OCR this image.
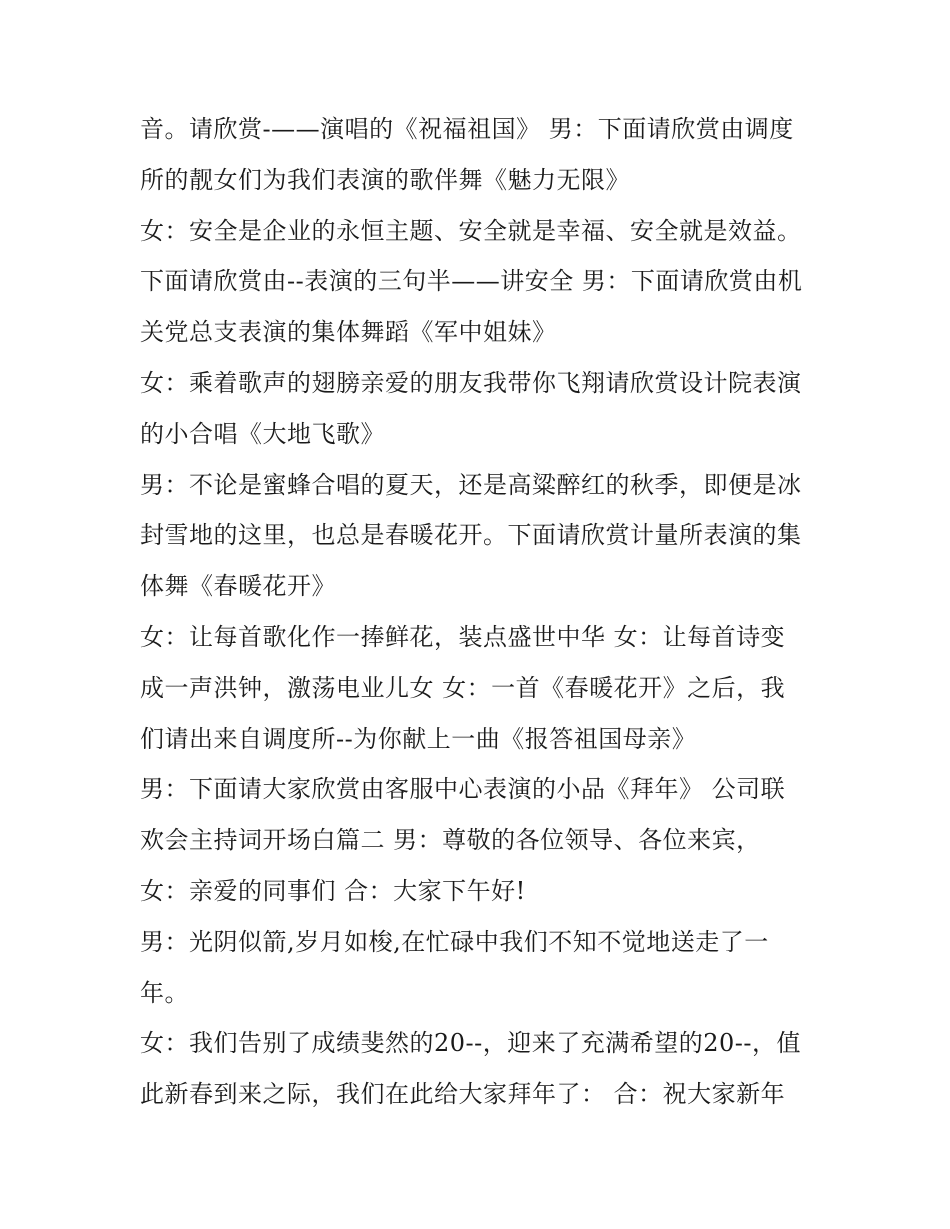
音。请欣赏-——演唱的《祝福祖国》 男：下面请欣赏由调度
所的靓女们为我们表演的歌伴舞《魅力无限》
女：安全是企业的永恒主题、安全就是幸福、安全就是效益。
下面请欣赏由--表演的三句半——讲安全 男：下面请欣赏由机
关党总支表演的集体舞蹈《军中姐妹》
女：乘着歌声的翅膀亲爱的朋友我带你飞翔请欣赏设计院表演
的小合唱《大地飞歌》
男：不论是蜜蜂合唱的夏天，还是高粱醉红的秋季，即便是冰
封雪地的这里，也总是春暖花开。下面请欣赏计量所表演的集
体舞《春暖花开》
女：让每首歌化作一捧鲜花，装点盛世中华 女：让每首诗变
成一声洪钟，激荡电业儿女 女：一首《春暖花开》之后，我
们请出来自调度所--为你献上一曲《报答祖国母亲》
男：下面请大家欣赏由客服中心表演的小品《拜年》 公司联
欢会主持词开场白篇二 男：尊敬的各位领导、各位来宾，
女：亲爱的同事们 合：大家下午好!
男：光阴似箭,岁月如梭,在忙碌中我们不知不觉地送走了一
年。
女：我们告别了成绩斐然的20--，迎来了充满希望的20--，值
此新春到来之际，我们在此给大家拜年了： 合：祝大家新年
